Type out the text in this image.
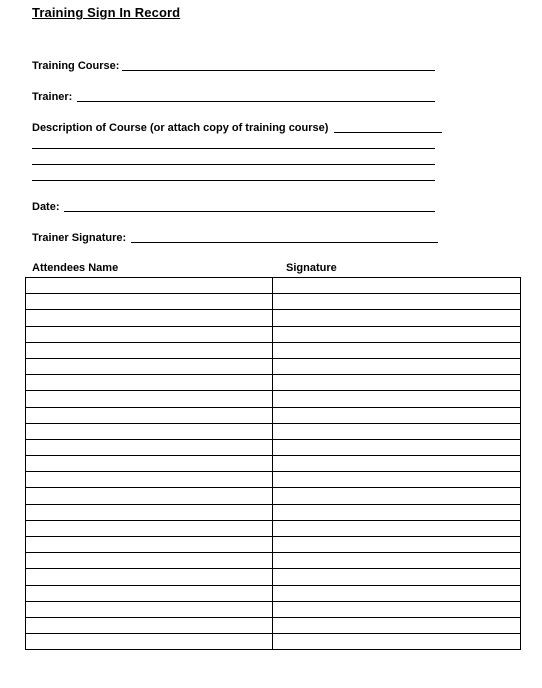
Training Sign In Record
Training Course:
Trainer:
Description of Course (or attach copy of training course)
Date:
Trainer Signature:
Attendees Name	Signature
